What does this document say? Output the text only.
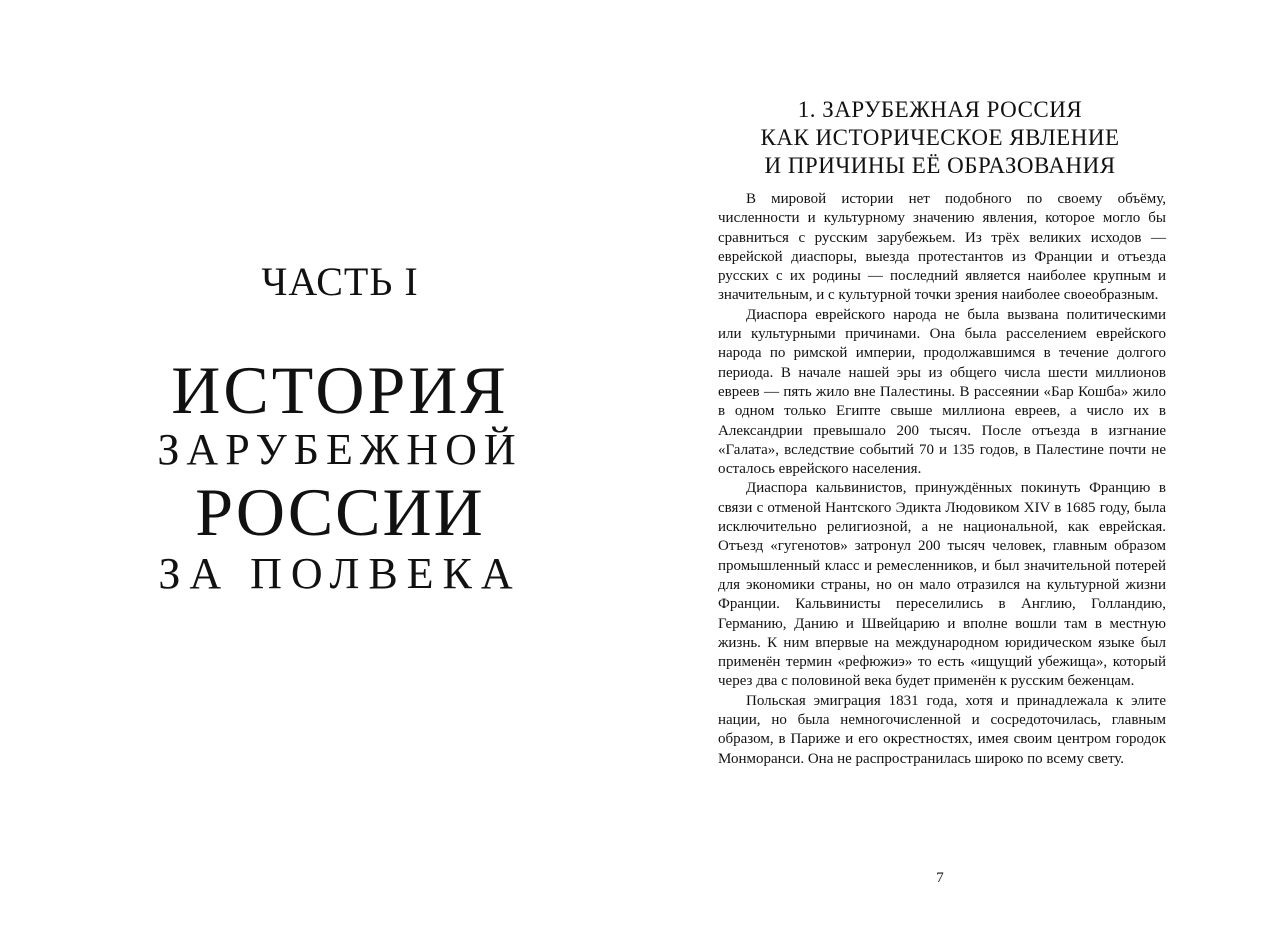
ЧАСТЬ I
ИСТОРИЯ
ЗАРУБЕЖНОЙ
РОССИИ
ЗА ПОЛВЕКА
1. ЗАРУБЕЖНАЯ РОССИЯ
КАК ИСТОРИЧЕСКОЕ ЯВЛЕНИЕ
И ПРИЧИНЫ ЕЁ ОБРАЗОВАНИЯ

В мировой истории нет подобного по своему объёму, численности и культурному значению явления, которое могло бы сравниться с русским зарубежьем. Из трёх великих исходов — еврейской диаспоры, выезда протестантов из Франции и отъезда русских с их родины — последний является наиболее крупным и значительным, и с культурной точки зрения наиболее своеобразным.

Диаспора еврейского народа не была вызвана политическими или культурными причинами. Она была расселением еврейского народа по римской империи, продолжавшимся в течение долгого периода. В начале нашей эры из общего числа шести миллионов евреев — пять жило вне Палестины. В рассеянии «Бар Кошба» жило в одном только Египте свыше миллиона евреев, а число их в Александрии превышало 200 тысяч. После отъезда в изгнание «Галата», вследствие событий 70 и 135 годов, в Палестине почти не осталось еврейского населения.

Диаспора кальвинистов, принуждённых покинуть Францию в связи с отменой Нантского Эдикта Людовиком XIV в 1685 году, была исключительно религиозной, а не национальной, как еврейская. Отъезд «гугенотов» затронул 200 тысяч человек, главным образом промышленный класс и ремесленников, и был значительной потерей для экономики страны, но он мало отразился на культурной жизни Франции. Кальвинисты переселились в Англию, Голландию, Германию, Данию и Швейцарию и вполне вошли там в местную жизнь. К ним впервые на международном юридическом языке был применён термин «рефюжиэ» то есть «ищущий убежища», который через два с половиной века будет применён к русским беженцам.

Польская эмиграция 1831 года, хотя и принадлежала к элите нации, но была немногочисленной и сосредоточилась, главным образом, в Париже и его окрестностях, имея своим центром городок Монморанси. Она не распространилась широко по всему свету.

7
